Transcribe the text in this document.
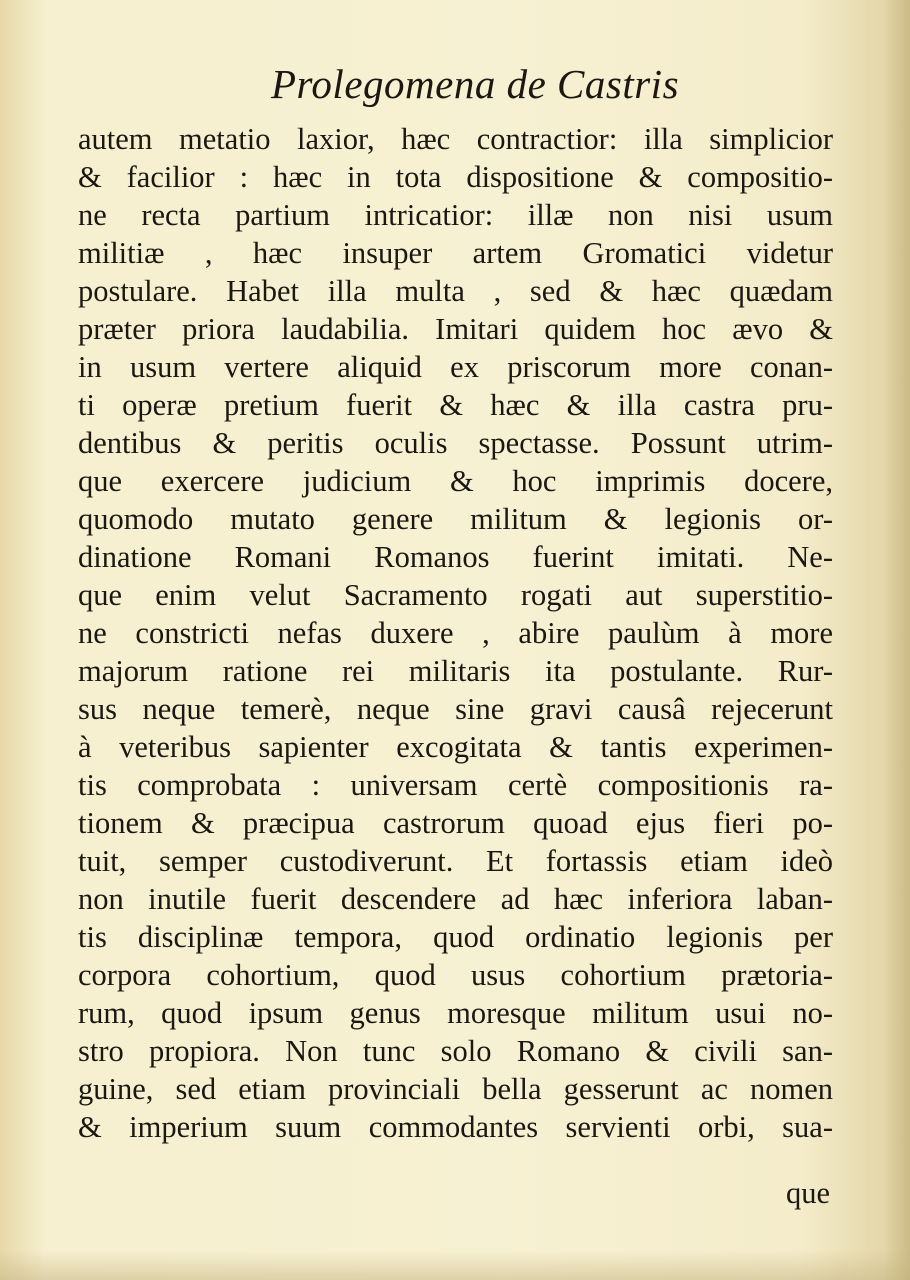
Prolegomena de Castris
autem metatio laxior, hæc contractior: illa simplicior
& facilior : hæc in tota dispositione & compositio-
ne recta partium intricatior: illæ non nisi usum
militiæ , hæc insuper artem Gromatici videtur
postulare. Habet illa multa , sed & hæc quædam
præter priora laudabilia. Imitari quidem hoc ævo &
in usum vertere aliquid ex priscorum more conan-
ti operæ pretium fuerit & hæc & illa castra pru-
dentibus & peritis oculis spectasse. Possunt utrim-
que exercere judicium & hoc imprimis docere,
quomodo mutato genere militum & legionis or-
dinatione Romani Romanos fuerint imitati. Ne-
que enim velut Sacramento rogati aut superstitio-
ne constricti nefas duxere , abire paulùm à more
majorum ratione rei militaris ita postulante. Rur-
sus neque temerè, neque sine gravi causâ rejecerunt
à veteribus sapienter excogitata & tantis experimen-
tis comprobata : universam certè compositionis ra-
tionem & præcipua castrorum quoad ejus fieri po-
tuit, semper custodiverunt. Et fortassis etiam ideò
non inutile fuerit descendere ad hæc inferiora laban-
tis disciplinæ tempora, quod ordinatio legionis per
corpora cohortium, quod usus cohortium prætoria-
rum, quod ipsum genus moresque militum usui no-
stro propiora. Non tunc solo Romano & civili san-
guine, sed etiam provinciali bella gesserunt ac nomen
& imperium suum commodantes servienti orbi, sua-
que
